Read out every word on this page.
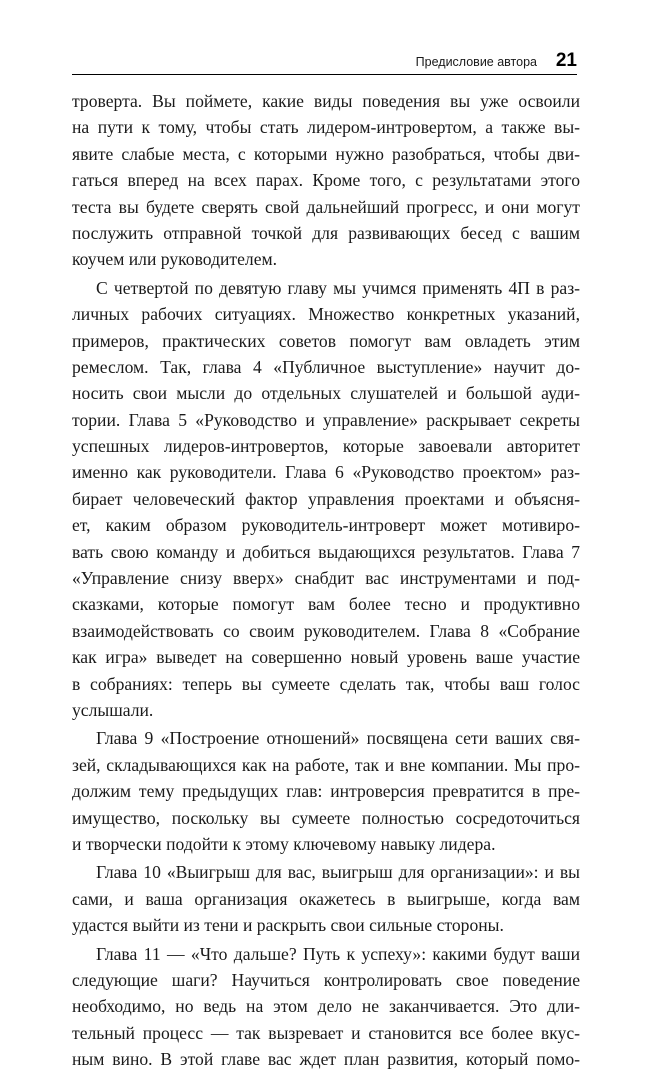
Предисловие автора 21
троверта. Вы поймете, какие виды поведения вы уже освоили
на пути к тому, чтобы стать лидером-интровертом, а также вы-
явите слабые места, с которыми нужно разобраться, чтобы дви-
гаться вперед на всех парах. Кроме того, с результатами этого
теста вы будете сверять свой дальнейший прогресс, и они могут
послужить отправной точкой для развивающих бесед с вашим
коучем или руководителем.
С четвертой по девятую главу мы учимся применять 4П в раз-
личных рабочих ситуациях. Множество конкретных указаний,
примеров, практических советов помогут вам овладеть этим
ремеслом. Так, глава 4 «Публичное выступление» научит до-
носить свои мысли до отдельных слушателей и большой ауди-
тории. Глава 5 «Руководство и управление» раскрывает секреты
успешных лидеров-интровертов, которые завоевали авторитет
именно как руководители. Глава 6 «Руководство проектом» раз-
бирает человеческий фактор управления проектами и объясня-
ет, каким образом руководитель-интроверт может мотивиро-
вать свою команду и добиться выдающихся результатов. Глава 7
«Управление снизу вверх» снабдит вас инструментами и под-
сказками, которые помогут вам более тесно и продуктивно
взаимодействовать со своим руководителем. Глава 8 «Собрание
как игра» выведет на совершенно новый уровень ваше участие
в собраниях: теперь вы сумеете сделать так, чтобы ваш голос
услышали.
Глава 9 «Построение отношений» посвящена сети ваших свя-
зей, складывающихся как на работе, так и вне компании. Мы про-
должим тему предыдущих глав: интроверсия превратится в пре-
имущество, поскольку вы сумеете полностью сосредоточиться
и творчески подойти к этому ключевому навыку лидера.
Глава 10 «Выигрыш для вас, выигрыш для организации»: и вы
сами, и ваша организация окажетесь в выигрыше, когда вам
удастся выйти из тени и раскрыть свои сильные стороны.
Глава 11 — «Что дальше? Путь к успеху»: какими будут ваши
следующие шаги? Научиться контролировать свое поведение
необходимо, но ведь на этом дело не заканчивается. Это дли-
тельный процесс — так вызревает и становится все более вкус-
ным вино. В этой главе вас ждет план развития, который помо-
